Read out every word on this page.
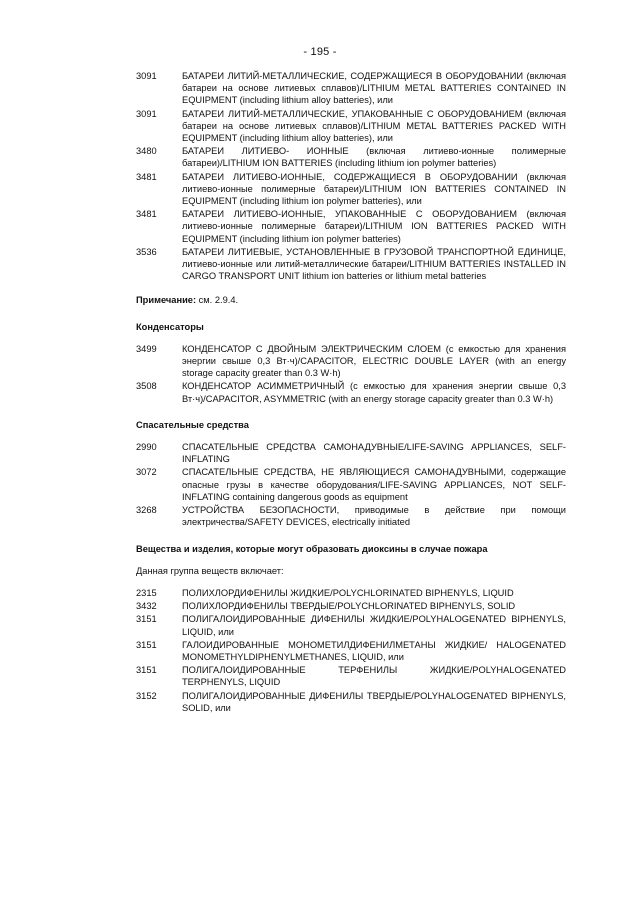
- 195 -
3091	БАТАРЕИ ЛИТИЙ-МЕТАЛЛИЧЕСКИЕ, СОДЕРЖАЩИЕСЯ В ОБОРУДОВАНИИ (включая батареи на основе литиевых сплавов)/LITHIUM METAL BATTERIES CONTAINED IN EQUIPMENT (including lithium alloy batteries), или
3091	БАТАРЕИ ЛИТИЙ-МЕТАЛЛИЧЕСКИЕ, УПАКОВАННЫЕ С ОБОРУДОВАНИЕМ (включая батареи на основе литиевых сплавов)/LITHIUM METAL BATTERIES PACKED WITH EQUIPMENT (including lithium alloy batteries), или
3480	БАТАРЕИ ЛИТИЕВО- ИОННЫЕ (включая литиево-ионные полимерные батареи)/LITHIUM ION BATTERIES (including lithium ion polymer batteries)
3481	БАТАРЕИ ЛИТИЕВО-ИОННЫЕ, СОДЕРЖАЩИЕСЯ В ОБОРУДОВАНИИ (включая литиево-ионные полимерные батареи)/LITHIUM ION BATTERIES CONTAINED IN EQUIPMENT (including lithium ion polymer batteries), или
3481	БАТАРЕИ ЛИТИЕВО-ИОННЫЕ, УПАКОВАННЫЕ С ОБОРУДОВАНИЕМ (включая литиево-ионные полимерные батареи)/LITHIUM ION BATTERIES PACKED WITH EQUIPMENT (including lithium ion polymer batteries)
3536	БАТАРЕИ ЛИТИЕВЫЕ, УСТАНОВЛЕННЫЕ В ГРУЗОВОЙ ТРАНСПОРТНОЙ ЕДИНИЦЕ, литиево-ионные или литий-металлические батареи/LITHIUM BATTERIES INSTALLED IN CARGO TRANSPORT UNIT lithium ion batteries or lithium metal batteries
Примечание: см. 2.9.4.
Конденсаторы
3499	КОНДЕНСАТОР С ДВОЙНЫМ ЭЛЕКТРИЧЕСКИМ СЛОЕМ (с емкостью для хранения энергии свыше 0,3 Вт·ч)/CAPACITOR, ELECTRIC DOUBLE LAYER (with an energy storage capacity greater than 0.3 W·h)
3508	КОНДЕНСАТОР АСИММЕТРИЧНЫЙ (с емкостью для хранения энергии свыше 0,3 Вт·ч)/CAPACITOR, ASYMMETRIC (with an energy storage capacity greater than 0.3 W·h)
Спасательные средства
2990	СПАСАТЕЛЬНЫЕ СРЕДСТВА САМОНАДУВНЫЕ/LIFE-SAVING APPLIANCES, SELF-INFLATING
3072	СПАСАТЕЛЬНЫЕ СРЕДСТВА, НЕ ЯВЛЯЮЩИЕСЯ САМОНАДУВНЫМИ, содержащие опасные грузы в качестве оборудования/LIFE-SAVING APPLIANCES, NOT SELF-INFLATING containing dangerous goods as equipment
3268	УСТРОЙСТВА БЕЗОПАСНОСТИ, приводимые в действие при помощи электричества/SAFETY DEVICES, electrically initiated
Вещества и изделия, которые могут образовать диоксины в случае пожара
Данная группа веществ включает:
2315	ПОЛИХЛОРДИФЕНИЛЫ ЖИДКИЕ/POLYCHLORINATED BIPHENYLS, LIQUID
3432	ПОЛИХЛОРДИФЕНИЛЫ ТВЕРДЫЕ/POLYCHLORINATED BIPHENYLS, SOLID
3151	ПОЛИГАЛОИДИРОВАННЫЕ ДИФЕНИЛЫ ЖИДКИЕ/POLYHALOGENATED BIPHENYLS, LIQUID, или
3151	ГАЛОИДИРОВАННЫЕ МОНОМЕТИЛДИФЕНИЛМЕТАНЫ ЖИДКИЕ/ HALOGENATED MONOMETHYLDIPHENYLMETHANES, LIQUID, или
3151	ПОЛИГАЛОИДИРОВАННЫЕ ТЕРФЕНИЛЫ ЖИДКИЕ/POLYHALOGENATED TERPHENYLS, LIQUID
3152	ПОЛИГАЛОИДИРОВАННЫЕ ДИФЕНИЛЫ ТВЕРДЫЕ/POLYHALOGENATED BIPHENYLS, SOLID, или
